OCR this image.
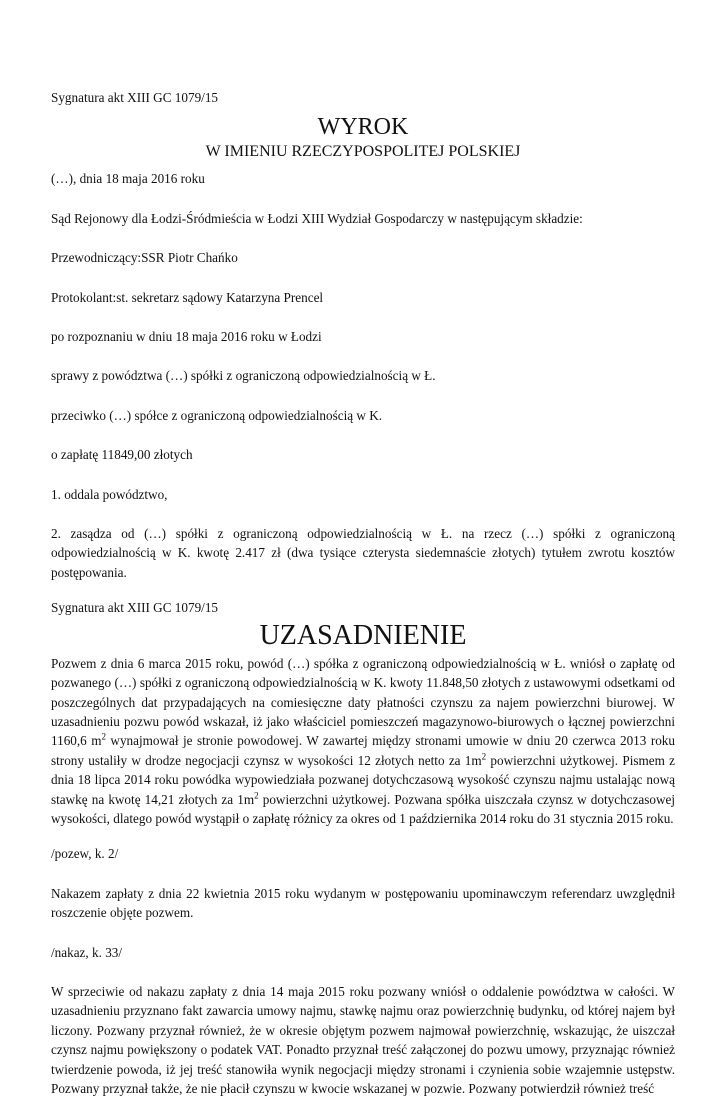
Sygnatura akt XIII GC 1079/15

WYROK
W IMIENIU RZECZYPOSPOLITEJ POLSKIEJ

(…), dnia 18 maja 2016 roku

Sąd Rejonowy dla Łodzi-Śródmieścia w Łodzi XIII Wydział Gospodarczy w następującym składzie:

Przewodniczący:SSR Piotr Chańko

Protokolant:st. sekretarz sądowy Katarzyna Prencel

po rozpoznaniu w dniu 18 maja 2016 roku w Łodzi

sprawy z powództwa (…) spółki z ograniczoną odpowiedzialnością w Ł.

przeciwko (…) spółce z ograniczoną odpowiedzialnością w K.

o zapłatę 11849,00 złotych

1. oddala powództwo,

2. zasądza od (…) spółki z ograniczoną odpowiedzialnością w Ł. na rzecz (…) spółki z ograniczoną odpowiedzialnością w K. kwotę 2.417 zł (dwa tysiące czterysta siedemnaście złotych) tytułem zwrotu kosztów postępowania.

Sygnatura akt XIII GC 1079/15

UZASADNIENIE

Pozwem z dnia 6 marca 2015 roku, powód (…) spółka z ograniczoną odpowiedzialnością w Ł. wniósł o zapłatę od pozwanego (…) spółki z ograniczoną odpowiedzialnością w K. kwoty 11.848,50 złotych z ustawowymi odsetkami od poszczególnych dat przypadających na comiesięczne daty płatności czynszu za najem powierzchni biurowej. W uzasadnieniu pozwu powód wskazał, iż jako właściciel pomieszczeń magazynowo-biurowych o łącznej powierzchni 1160,6 $m^2$ wynajmował je stronie powodowej. W zawartej między stronami umowie w dniu 20 czerwca 2013 roku strony ustaliły w drodze negocjacji czynsz w wysokości 12 złotych netto za $1m^2$ powierzchni użytkowej. Pismem z dnia 18 lipca 2014 roku powódka wypowiedziała pozwanej dotychczasową wysokość czynszu najmu ustalając nową stawkę na kwotę 14,21 złotych za $1m^2$ powierzchni użytkowej. Pozwana spółka uiszczała czynsz w dotychczasowej wysokości, dlatego powód wystąpił o zapłatę różnicy za okres od 1 października 2014 roku do 31 stycznia 2015 roku.

/pozew, k. 2/

Nakazem zapłaty z dnia 22 kwietnia 2015 roku wydanym w postępowaniu upominawczym referendarz uwzględnił roszczenie objęte pozwem.

/nakaz, k. 33/

W sprzeciwie od nakazu zapłaty z dnia 14 maja 2015 roku pozwany wniósł o oddalenie powództwa w całości. W uzasadnieniu przyznano fakt zawarcia umowy najmu, stawkę najmu oraz powierzchnię budynku, od której najem był liczony. Pozwany przyznał również, że w okresie objętym pozwem najmował powierzchnię, wskazując, że uiszczał czynsz najmu powiększony o podatek VAT. Ponadto przyznał treść załączonej do pozwu umowy, przyznając również twierdzenie powoda, iż jej treść stanowiła wynik negocjacji między stronami i czynienia sobie wzajemnie ustępstw. Pozwany przyznał także, że nie płacił czynszu w kwocie wskazanej w pozwie. Pozwany potwierdził również treść
